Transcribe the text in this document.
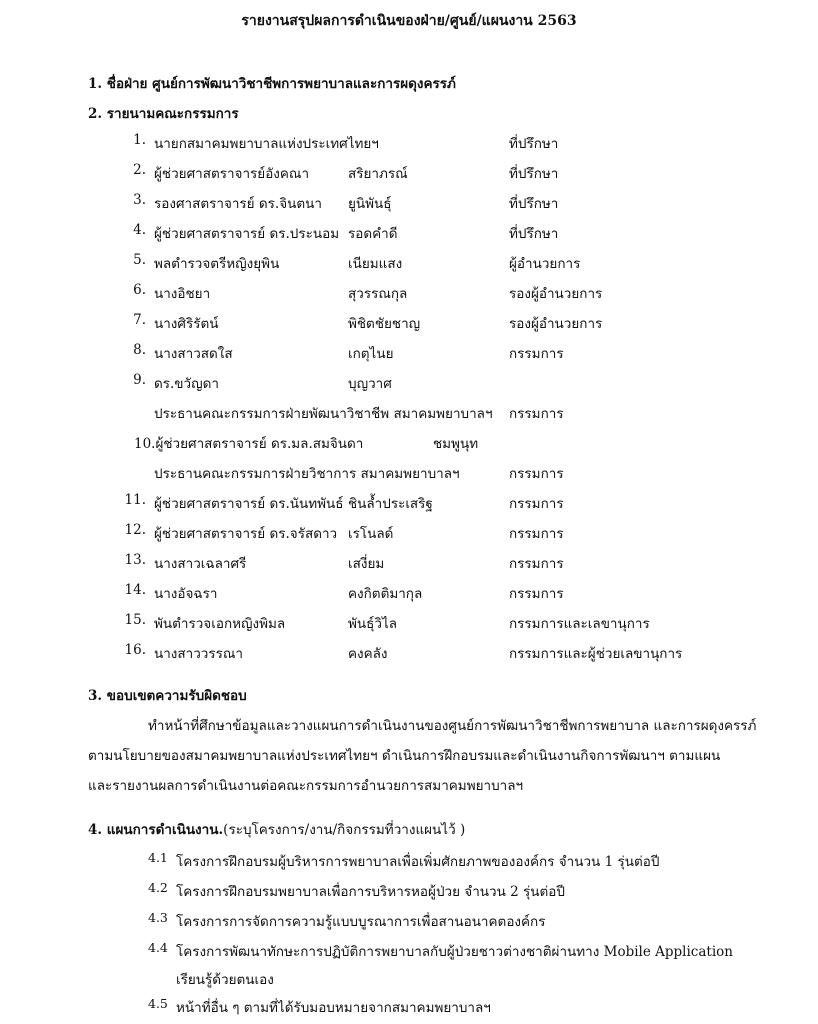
รายงานสรุปผลการดำเนินของฝ่าย/ศูนย์/แผนงาน 2563
1. ชื่อฝ่าย ศูนย์การพัฒนาวิชาชีพการพยาบาลและการผดุงครรภ์
2. รายนามคณะกรรมการ
1. นายกสมาคมพยาบาลแห่งประเทศไทยฯ	ที่ปรึกษา
2. ผู้ช่วยศาสตราจารย์อังคณา	สริยาภรณ์	ที่ปรึกษา
3. รองศาสตราจารย์ ดร.จินตนา ยูนิพันธุ์	ที่ปรึกษา
4. ผู้ช่วยศาสตราจารย์ ดร.ประนอม รอดคำดี	ที่ปรึกษา
5. พลตำรวจตรีหญิงยุพิน	เนียมแสง	ผู้อำนวยการ
6. นางอิชยา	สุวรรณกุล	รองผู้อำนวยการ
7. นางศิริรัตน์	พิชิตชัยชาญ	รองผู้อำนวยการ
8. นางสาวสดใส	เกตุไนย	กรรมการ
9. ดร.ขวัญดา	บุญวาศ
ประธานคณะกรรมการฝ่ายพัฒนาวิชาชีพ สมาคมพยาบาลฯ กรรมการ
10.ผู้ช่วยศาสตราจารย์ ดร.มล.สมจินดา	ชมพูนุท
ประธานคณะกรรมการฝ่ายวิชาการ สมาคมพยาบาลฯ	กรรมการ
11. ผู้ช่วยศาสตราจารย์ ดร.นันทพันธ์ ชินล้ำประเสริฐ	กรรมการ
12. ผู้ช่วยศาสตราจารย์ ดร.จรัสดาว เรโนลด์	กรรมการ
13. นางสาวเฉลาศรี	เสงี่ยม	กรรมการ
14. นางอัจฉรา	คงกิตติมากุล	กรรมการ
15. พันตำรวจเอกหญิงพิมล	พันธุ์วิไล	กรรมการและเลขานุการ
16. นางสาววรรณา	คงคลัง	กรรมการและผู้ช่วยเลขานุการ
3. ขอบเขตความรับผิดชอบ
ทำหน้าที่ศึกษาข้อมูลและวางแผนการดำเนินงานของศูนย์การพัฒนาวิชาชีพการพยาบาล และการผดุงครรภ์
ตามนโยบายของสมาคมพยาบาลแห่งประเทศไทยฯ ดำเนินการฝึกอบรมและดำเนินงานกิจการพัฒนาฯ ตามแผน
และรายงานผลการดำเนินงานต่อคณะกรรมการอำนวยการสมาคมพยาบาลฯ
4. แผนการดำเนินงาน.(ระบุโครงการ/งาน/กิจกรรมที่วางแผนไว้ )
4.1 โครงการฝึกอบรมผู้บริหารการพยาบาลเพื่อเพิ่มศักยภาพขององค์กร จำนวน 1 รุ่นต่อปี
4.2 โครงการฝึกอบรมพยาบาลเพื่อการบริหารหอผู้ป่วย จำนวน 2 รุ่นต่อปี
4.3 โครงการการจัดการความรู้แบบบูรณาการเพื่อสานอนาคตองค์กร
4.4 โครงการพัฒนาทักษะการปฏิบัติการพยาบาลกับผู้ป่วยชาวต่างชาติผ่านทาง Mobile Application
เรียนรู้ด้วยตนเอง
4.5 หน้าที่อื่น ๆ ตามที่ได้รับมอบหมายจากสมาคมพยาบาลฯ
